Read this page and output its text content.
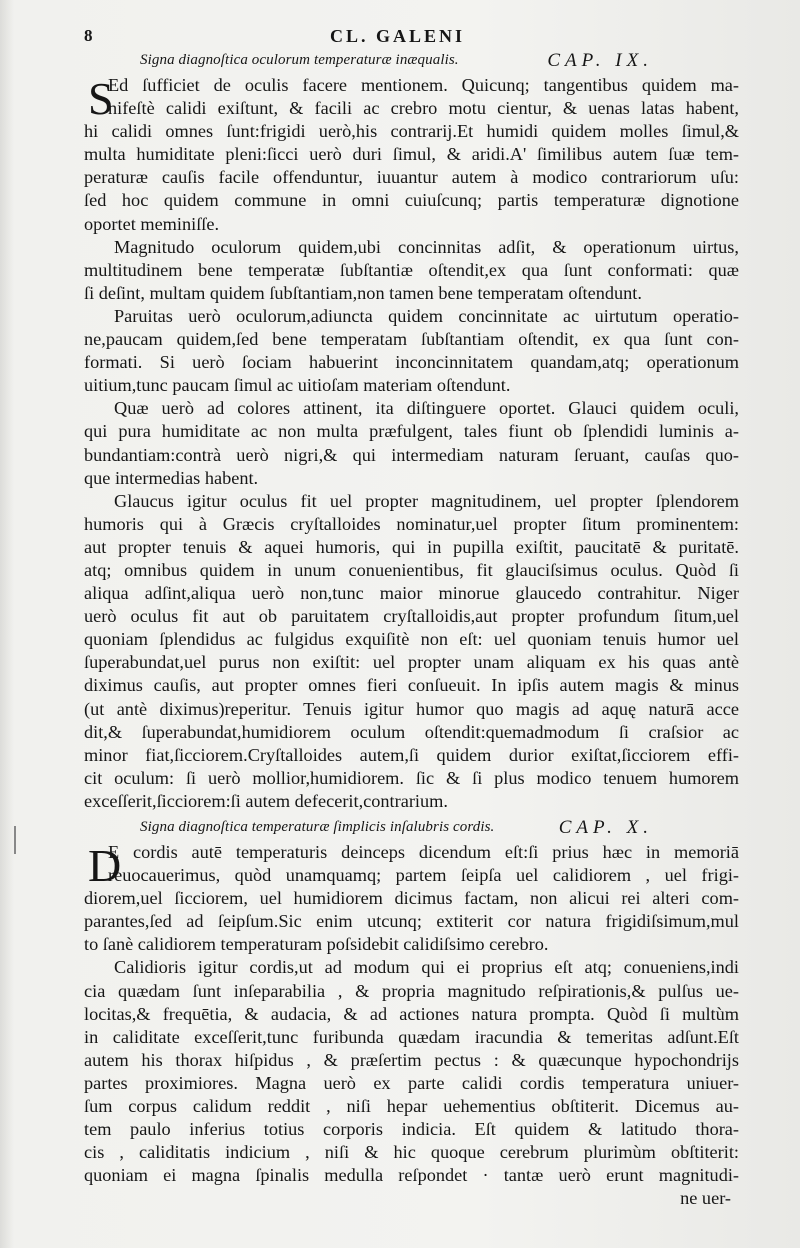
8	CL. GALENI
Signa diagnoſtica oculorum temperaturæ inæqualis.	CAP. IX.
S
Ed ſufficiet de oculis facere mentionem. Quicunq; tangentibus quidem ma-
nifeſtè calidi exiſtunt, & facili ac crebro motu cientur, & uenas latas habent,
hi calidi omnes ſunt:frigidi uerò,his contrarij.Et humidi quidem molles ſimul,&
multa humiditate pleni:ſicci uerò duri ſimul, & aridi.A' ſimilibus autem ſuæ tem-
peraturæ cauſis facile offenduntur, iuuantur autem à modico contrariorum uſu:
ſed hoc quidem commune in omni cuiuſcunq; partis temperaturæ dignotione
oportet meminiſſe.
Magnitudo oculorum quidem,ubi concinnitas adſit, & operationum uirtus,
multitudinem bene temperatæ ſubſtantiæ oſtendit,ex qua ſunt conformati: quæ
ſi deſint, multam quidem ſubſtantiam,non tamen bene temperatam oſtendunt.
Paruitas uerò oculorum,adiuncta quidem concinnitate ac uirtutum operatio-
ne,paucam quidem,ſed bene temperatam ſubſtantiam oſtendit, ex qua ſunt con-
formati. Si uerò ſociam habuerint inconcinnitatem quandam,atq; operationum
uitium,tunc paucam ſimul ac uitioſam materiam oſtendunt.
Quæ uerò ad colores attinent, ita diſtinguere oportet. Glauci quidem oculi,
qui pura humiditate ac non multa præfulgent, tales fiunt ob ſplendidi luminis a-
bundantiam:contrà uerò nigri,& qui intermediam naturam ſeruant, cauſas quo-
que intermedias habent.
Glaucus igitur oculus fit uel propter magnitudinem, uel propter ſplendorem
humoris qui à Græcis cryſtalloides nominatur,uel propter ſitum prominentem:
aut propter tenuis & aquei humoris, qui in pupilla exiſtit, paucitatē & puritatē.
atq; omnibus quidem in unum conuenientibus, fit glauciſsimus oculus. Quòd ſi
aliqua adſint,aliqua uerò non,tunc maior minorue glaucedo contrahitur. Niger
uerò oculus fit aut ob paruitatem cryſtalloidis,aut propter profundum ſitum,uel
quoniam ſplendidus ac fulgidus exquiſitè non eſt: uel quoniam tenuis humor uel
ſuperabundat,uel purus non exiſtit: uel propter unam aliquam ex his quas antè
diximus cauſis, aut propter omnes fieri conſueuit. In ipſis autem magis & minus
(ut antè diximus)reperitur. Tenuis igitur humor quo magis ad aquę naturā acce
dit,& ſuperabundat,humidiorem oculum oſtendit:quemadmodum ſi craſsior ac
minor fiat,ſicciorem.Cryſtalloides autem,ſi quidem durior exiſtat,ſicciorem effi-
cit oculum: ſi uerò mollior,humidiorem. ſic & ſi plus modico tenuem humorem
exceſſerit,ſicciorem:ſi autem defecerit,contrarium.
Signa diagnoſtica temperaturæ ſimplicis inſalubris cordis.	CAP. X.
D
E cordis autē temperaturis deinceps dicendum eſt:ſi prius hæc in memoriā
reuocauerimus, quòd unamquamq; partem ſeipſa uel calidiorem , uel frigi-
diorem,uel ſicciorem, uel humidiorem dicimus factam, non alicui rei alteri com-
parantes,ſed ad ſeipſum.Sic enim utcunq; extiterit cor natura frigidiſsimum,mul
to ſanè calidiorem temperaturam poſsidebit calidiſsimo cerebro.
Calidioris igitur cordis,ut ad modum qui ei proprius eſt atq; conueniens,indi
cia quædam ſunt inſeparabilia , & propria magnitudo reſpirationis,& pulſus ue-
locitas,& frequētia, & audacia, & ad actiones natura prompta. Quòd ſi multùm
in caliditate exceſſerit,tunc furibunda quædam iracundia & temeritas adſunt.Eſt
autem his thorax hiſpidus , & præſertim pectus : & quæcunque hypochondrijs
partes proximiores. Magna uerò ex parte calidi cordis temperatura uniuer-
ſum corpus calidum reddit , niſi hepar uehementius obſtiterit. Dicemus au-
tem paulo inferius totius corporis indicia. Eſt quidem & latitudo thora-
cis , caliditatis indicium , niſi & hic quoque cerebrum plurimùm obſtiterit:
quoniam ei magna ſpinalis medulla reſpondet · tantæ uerò erunt magnitudi-
ne uer-
